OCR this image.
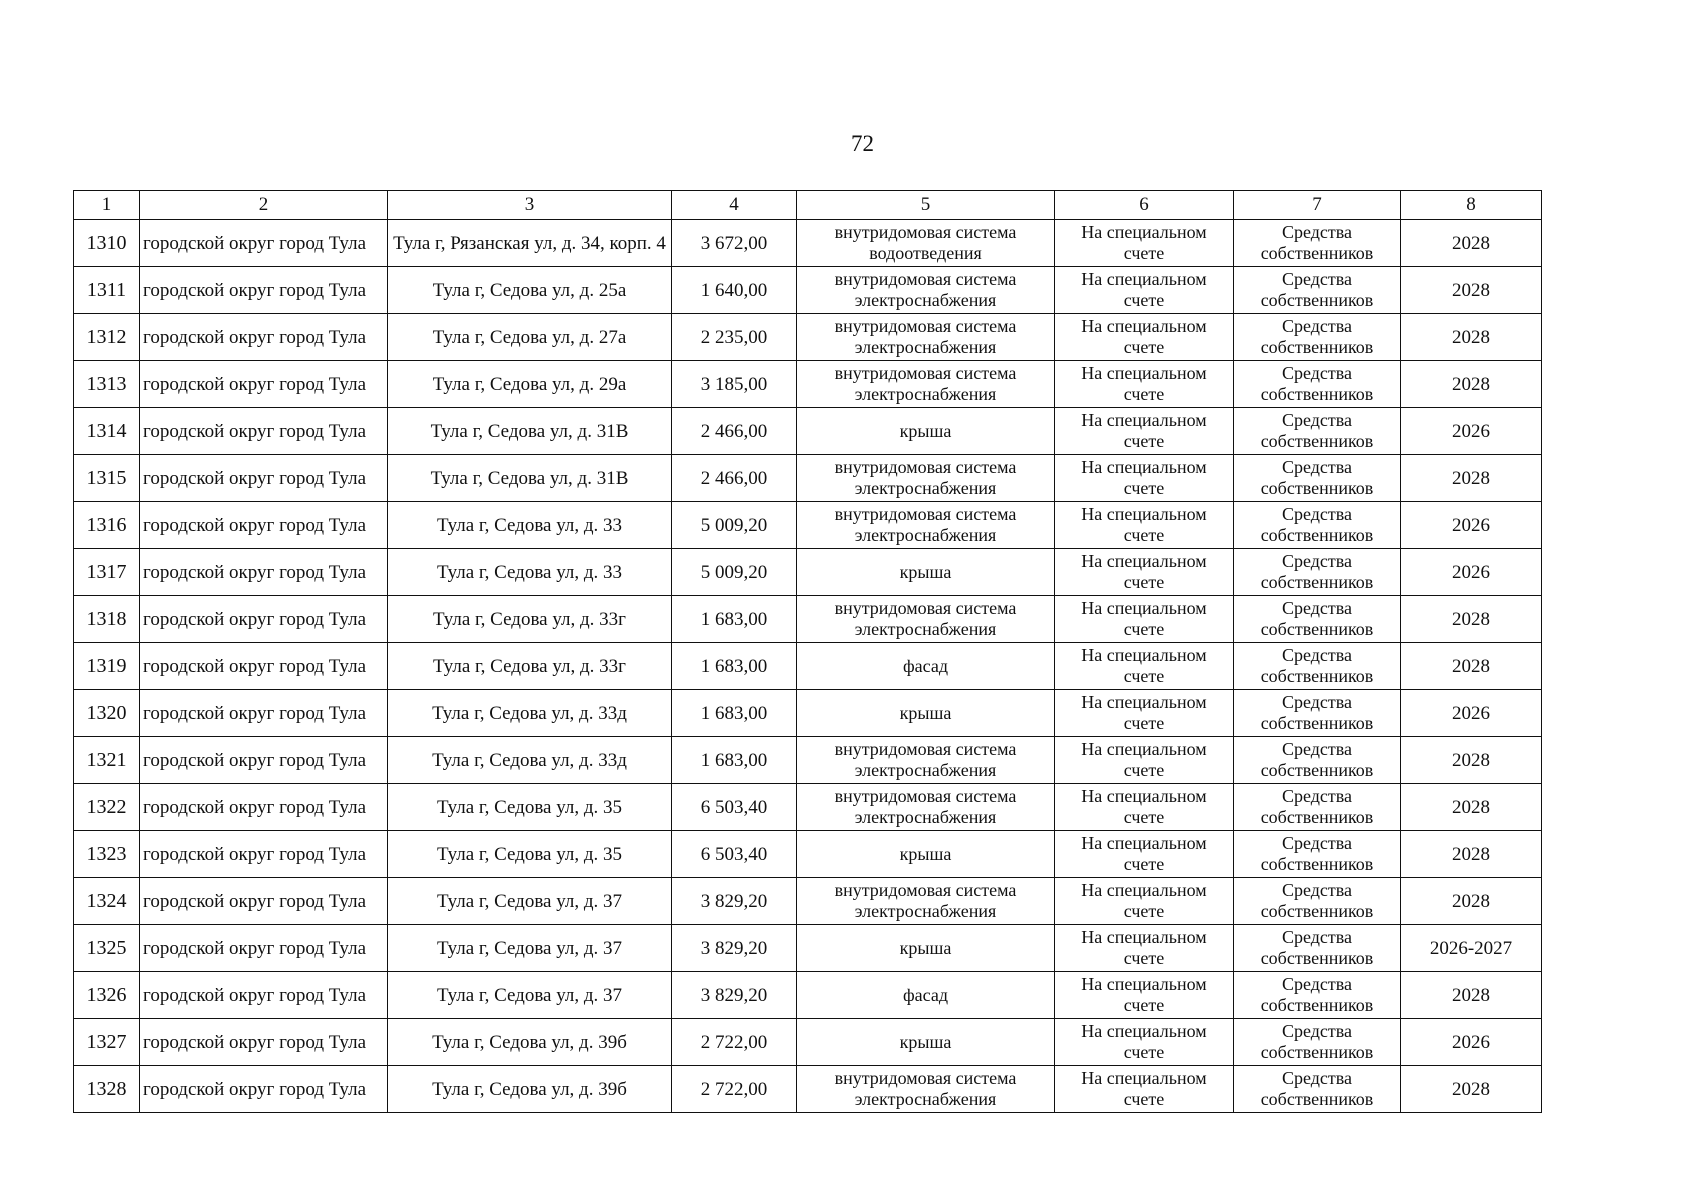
72
1	2	3	4	5	6	7	8
1310	городской округ город Тула	Тула г, Рязанская ул, д. 34, корп. 4	3 672,00	внутридомовая система водоотведения	На специальном счете	Средства собственников	2028
1311	городской округ город Тула	Тула г, Седова ул, д. 25а	1 640,00	внутридомовая система электроснабжения	На специальном счете	Средства собственников	2028
1312	городской округ город Тула	Тула г, Седова ул, д. 27а	2 235,00	внутридомовая система электроснабжения	На специальном счете	Средства собственников	2028
1313	городской округ город Тула	Тула г, Седова ул, д. 29а	3 185,00	внутридомовая система электроснабжения	На специальном счете	Средства собственников	2028
1314	городской округ город Тула	Тула г, Седова ул, д. 31В	2 466,00	крыша	На специальном счете	Средства собственников	2026
1315	городской округ город Тула	Тула г, Седова ул, д. 31В	2 466,00	внутридомовая система электроснабжения	На специальном счете	Средства собственников	2028
1316	городской округ город Тула	Тула г, Седова ул, д. 33	5 009,20	внутридомовая система электроснабжения	На специальном счете	Средства собственников	2026
1317	городской округ город Тула	Тула г, Седова ул, д. 33	5 009,20	крыша	На специальном счете	Средства собственников	2026
1318	городской округ город Тула	Тула г, Седова ул, д. 33г	1 683,00	внутридомовая система электроснабжения	На специальном счете	Средства собственников	2028
1319	городской округ город Тула	Тула г, Седова ул, д. 33г	1 683,00	фасад	На специальном счете	Средства собственников	2028
1320	городской округ город Тула	Тула г, Седова ул, д. 33д	1 683,00	крыша	На специальном счете	Средства собственников	2026
1321	городской округ город Тула	Тула г, Седова ул, д. 33д	1 683,00	внутридомовая система электроснабжения	На специальном счете	Средства собственников	2028
1322	городской округ город Тула	Тула г, Седова ул, д. 35	6 503,40	внутридомовая система электроснабжения	На специальном счете	Средства собственников	2028
1323	городской округ город Тула	Тула г, Седова ул, д. 35	6 503,40	крыша	На специальном счете	Средства собственников	2028
1324	городской округ город Тула	Тула г, Седова ул, д. 37	3 829,20	внутридомовая система электроснабжения	На специальном счете	Средства собственников	2028
1325	городской округ город Тула	Тула г, Седова ул, д. 37	3 829,20	крыша	На специальном счете	Средства собственников	2026-2027
1326	городской округ город Тула	Тула г, Седова ул, д. 37	3 829,20	фасад	На специальном счете	Средства собственников	2028
1327	городской округ город Тула	Тула г, Седова ул, д. 39б	2 722,00	крыша	На специальном счете	Средства собственников	2026
1328	городской округ город Тула	Тула г, Седова ул, д. 39б	2 722,00	внутридомовая система электроснабжения	На специальном счете	Средства собственников	2028
